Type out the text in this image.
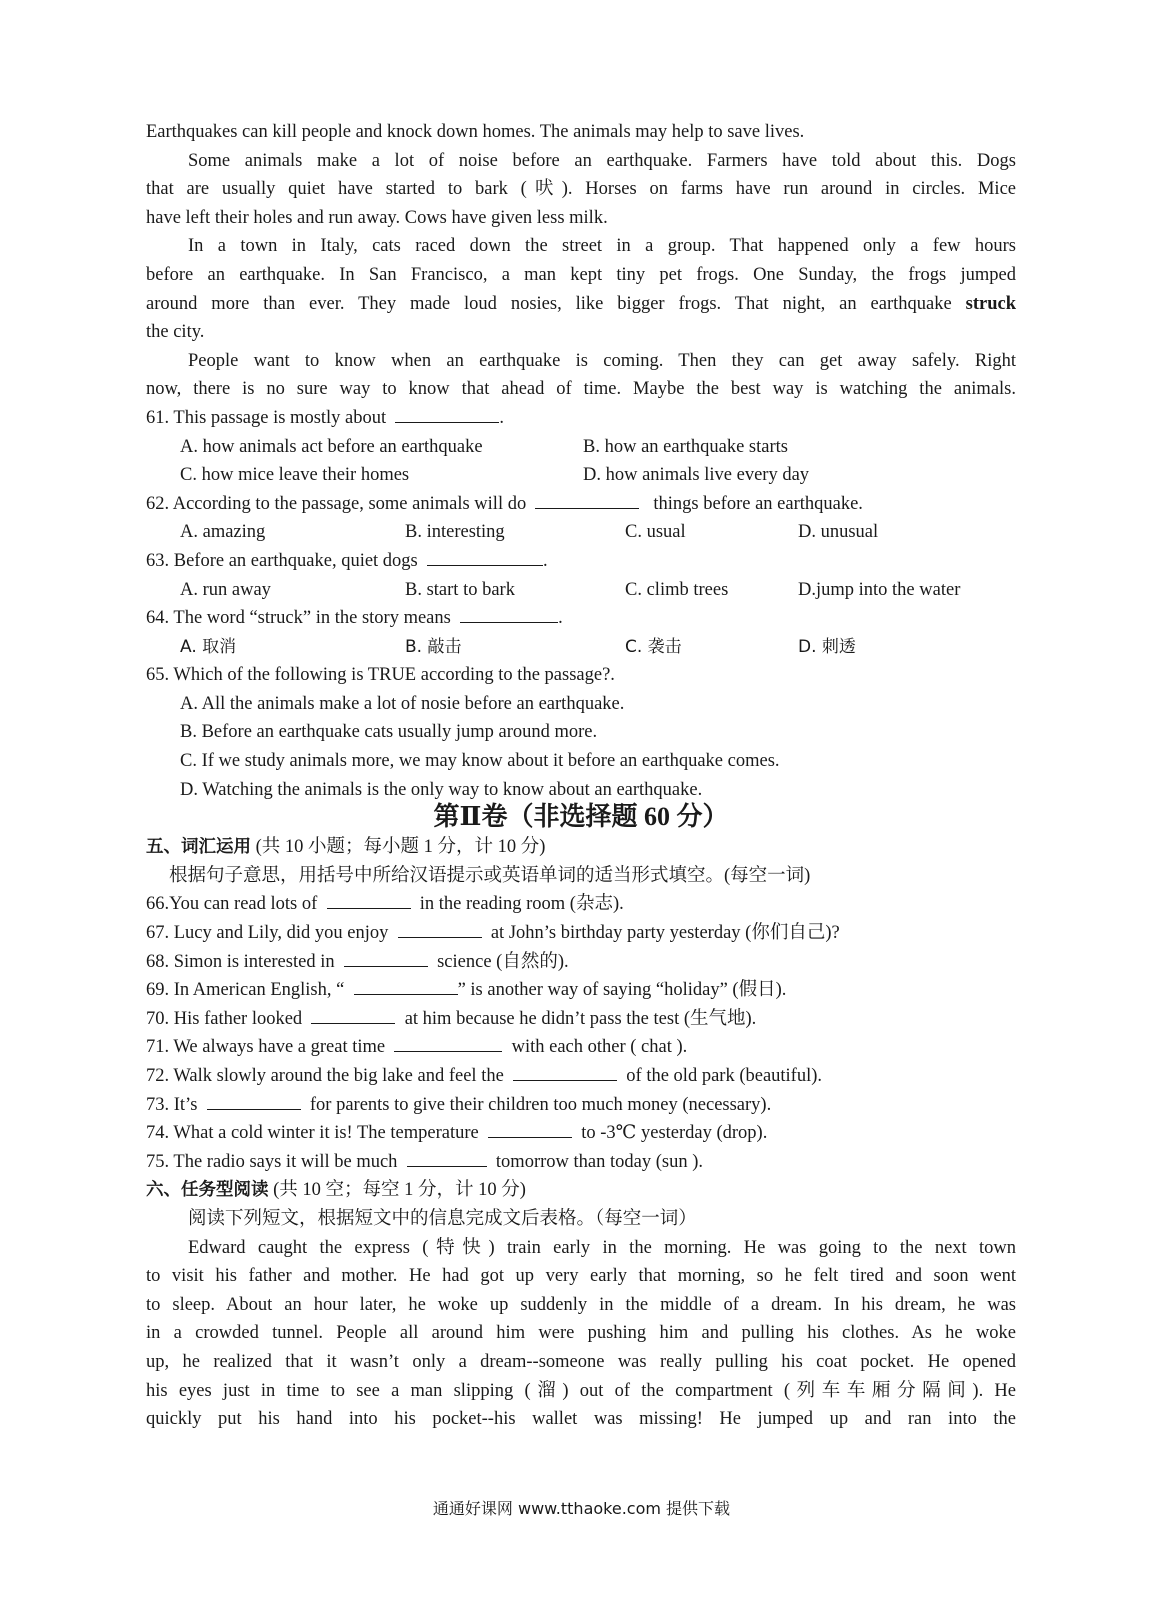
Earthquakes can kill people and knock down homes. The animals may help to save lives.
Some animals make a lot of noise before an earthquake. Farmers have told about this. Dogs
that are usually quiet have started to bark (吠). Horses on farms have run around in circles. Mice
have left their holes and run away. Cows have given less milk.
In a town in Italy, cats raced down the street in a group. That happened only a few hours
before an earthquake. In San Francisco, a man kept tiny pet frogs. One Sunday, the frogs jumped
around more than ever. They made loud nosies, like bigger frogs. That night, an earthquake struck
the city.
People want to know when an earthquake is coming. Then they can get away safely. Right
now, there is no sure way to know that ahead of time. Maybe the best way is watching the animals.
61. This passage is mostly about	.
A. how animals act before an earthquake	B. how an earthquake starts
C. how mice leave their homes	D. how animals live every day
62. According to the passage, some animals will do	things before an earthquake.
A. amazing	B. interesting	C. usual	D. unusual
63. Before an earthquake, quiet dogs	.
A. run away	B. start to bark	C. climb trees	D.jump into the water
64. The word “struck” in the story means	.
A. 取消	B. 敲击	C. 袭击	D. 刺透
65. Which of the following is TRUE according to the passage?.
A. All the animals make a lot of nosie before an earthquake.
B. Before an earthquake cats usually jump around more.
C. If we study animals more, we may know about it before an earthquake comes.
D. Watching the animals is the only way to know about an earthquake.
第Ⅱ卷（非选择题 60 分）
五、词汇运用 (共 10 小题；每小题 1 分，计 10 分)
根据句子意思，用括号中所给汉语提示或英语单词的适当形式填空。(每空一词)
66.You can read lots of	in the reading room (杂志).
67. Lucy and Lily, did you enjoy	at John’s birthday party yesterday (你们自己)?
68. Simon is interested in	science (自然的).
69. In American English, “	” is another way of saying “holiday” (假日).
70. His father looked	at him because he didn’t pass the test (生气地).
71. We always have a great time	with each other ( chat ).
72. Walk slowly around the big lake and feel the	of the old park (beautiful).
73. It’s	for parents to give their children too much money (necessary).
74. What a cold winter it is! The temperature	to -3℃ yesterday (drop).
75. The radio says it will be much	tomorrow than today (sun ).
六、任务型阅读 (共 10 空；每空 1 分，计 10 分)
阅读下列短文，根据短文中的信息完成文后表格。（每空一词）
Edward caught the express (特快) train early in the morning. He was going to the next town
to visit his father and mother. He had got up very early that morning, so he felt tired and soon went
to sleep. About an hour later, he woke up suddenly in the middle of a dream. In his dream, he was
in a crowded tunnel. People all around him were pushing him and pulling his clothes. As he woke
up, he realized that it wasn’t only a dream--someone was really pulling his coat pocket. He opened
his eyes just in time to see a man slipping (溜) out of the compartment (列车车厢分隔间). He
quickly put his hand into his pocket--his wallet was missing! He jumped up and ran into the
通通好课网 www.tthaoke.com 提供下载
